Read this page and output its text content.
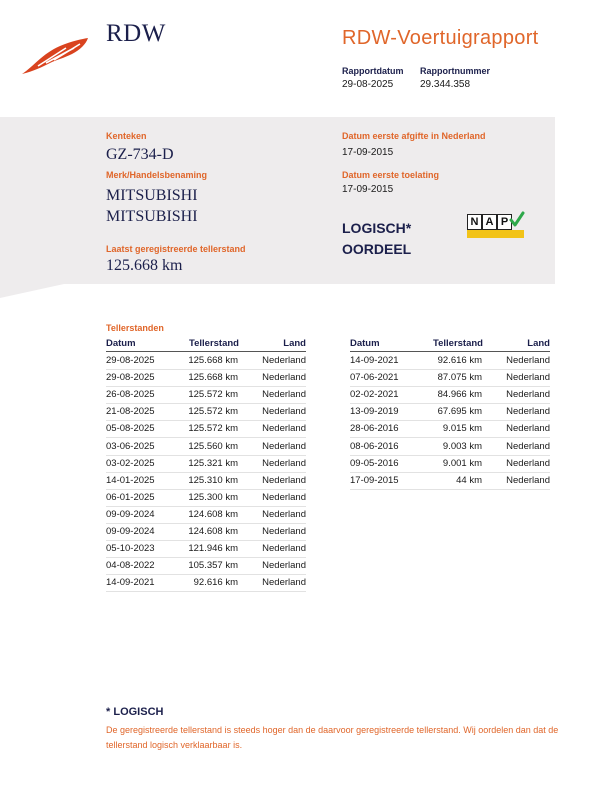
RDW	RDW-Voertuigrapport
Rapportdatum
29-08-2025
Rapportnummer
29.344.358
Kenteken
GZ-734-D
Merk/Handelsbenaming
MITSUBISHI
MITSUBISHI
Laatst geregistreerde tellerstand
125.668 km
Datum eerste afgifte in Nederland
17-09-2015
Datum eerste toelating
17-09-2015
LOGISCH*
OORDEEL
N A P
Tellerstanden
Datum	Tellerstand	Land
29-08-2025	125.668 km	Nederland
29-08-2025	125.668 km	Nederland
26-08-2025	125.572 km	Nederland
21-08-2025	125.572 km	Nederland
05-08-2025	125.572 km	Nederland
03-06-2025	125.560 km	Nederland
03-02-2025	125.321 km	Nederland
14-01-2025	125.310 km	Nederland
06-01-2025	125.300 km	Nederland
09-09-2024	124.608 km	Nederland
09-09-2024	124.608 km	Nederland
05-10-2023	121.946 km	Nederland
04-08-2022	105.357 km	Nederland
14-09-2021	92.616 km	Nederland
Datum	Tellerstand	Land
14-09-2021	92.616 km	Nederland
07-06-2021	87.075 km	Nederland
02-02-2021	84.966 km	Nederland
13-09-2019	67.695 km	Nederland
28-06-2016	9.015 km	Nederland
08-06-2016	9.003 km	Nederland
09-05-2016	9.001 km	Nederland
17-09-2015	44 km	Nederland
* LOGISCH
De geregistreerde tellerstand is steeds hoger dan de daarvoor geregistreerde tellerstand. Wij oordelen dan dat de tellerstand logisch verklaarbaar is.
